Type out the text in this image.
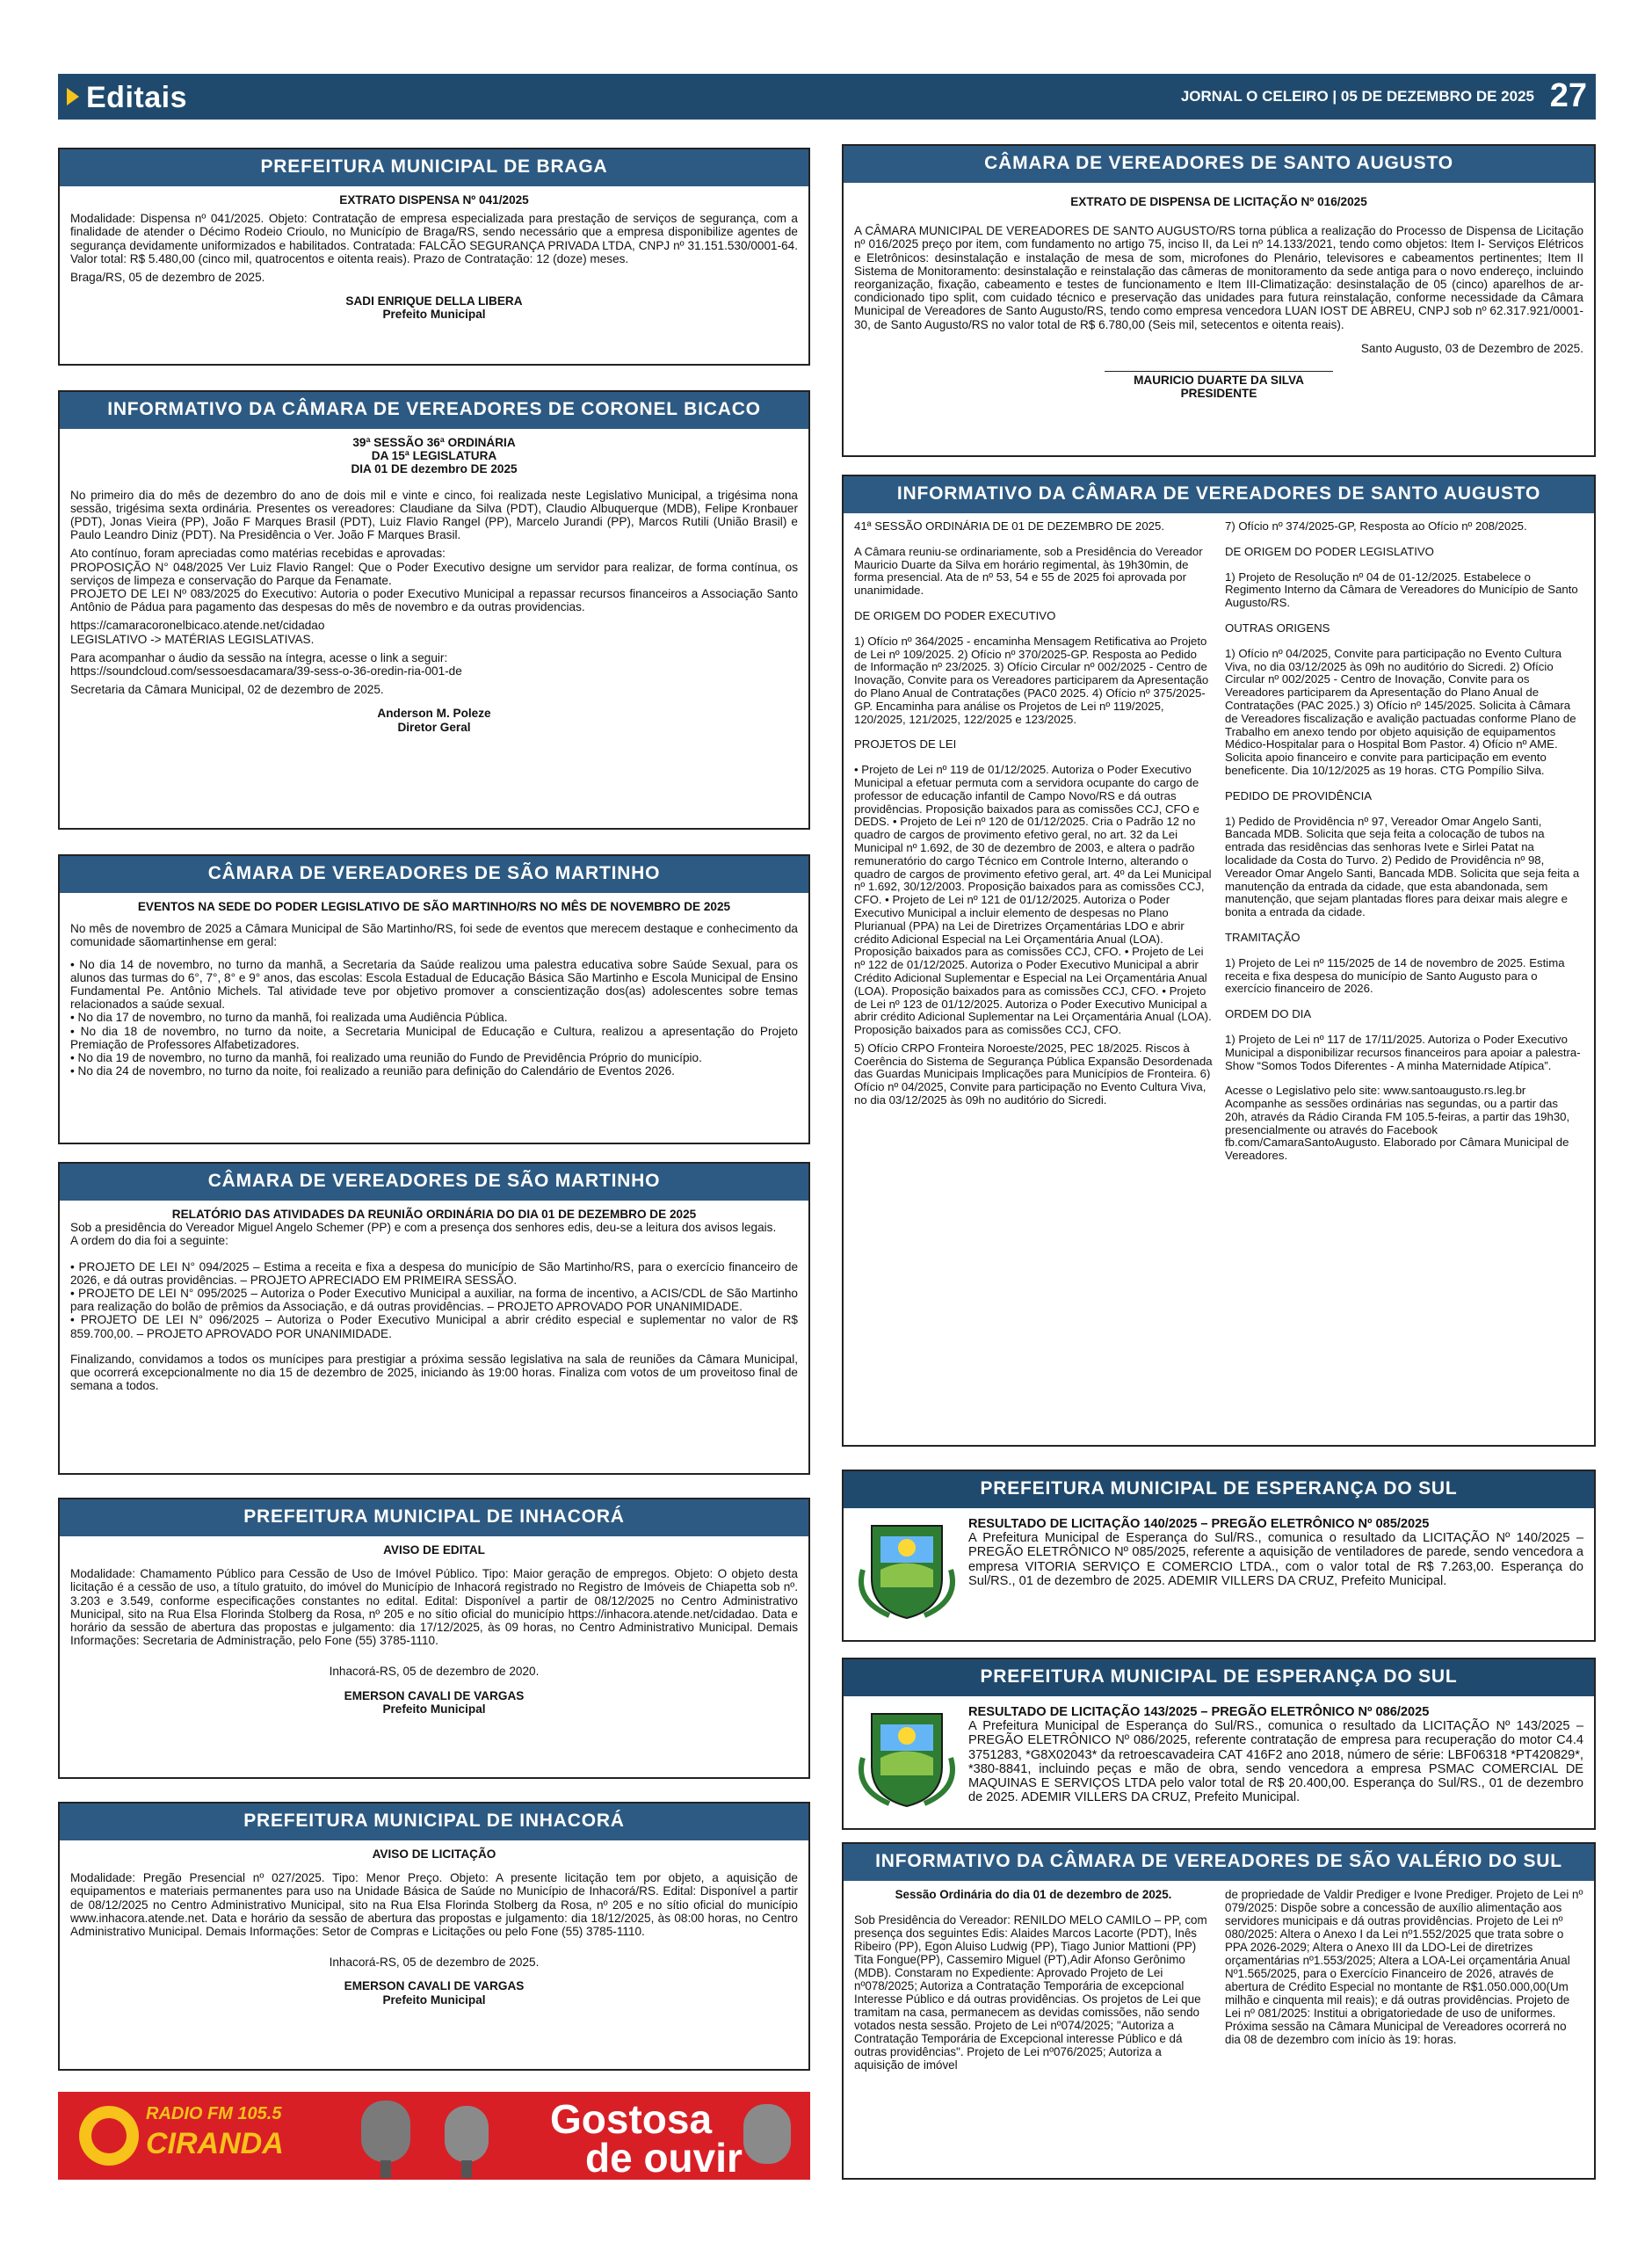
Editais	JORNAL O CELEIRO | 05 DE DEZEMBRO DE 2025 27
PREFEITURA MUNICIPAL DE BRAGA

EXTRATO DISPENSA Nº 041/2025

Modalidade: Dispensa nº 041/2025. Objeto: Contratação de empresa especializada para prestação de serviços de segurança, com a finalidade de atender o Décimo Rodeio Crioulo, no Município de Braga/RS, sendo necessário que a empresa disponibilize agentes de segurança devidamente uniformizados e habilitados. Contratada: FALCÃO SEGURANÇA PRIVADA LTDA, CNPJ nº 31.151.530/0001-64. Valor total: R$ 5.480,00 (cinco mil, quatrocentos e oitenta reais). Prazo de Contratação: 12 (doze) meses.

Braga/RS, 05 de dezembro de 2025.

SADI ENRIQUE DELLA LIBERA
Prefeito Municipal
INFORMATIVO DA CÂMARA DE VEREADORES DE CORONEL BICACO
39ª SESSÃO 36ª ORDINÁRIA
DA 15ª LEGISLATURA

DIA 01 DE dezembro DE 2025

No primeiro dia do mês de dezembro do ano de dois mil e vinte e cinco, foi realizada neste Legislativo Municipal, a trigésima nona sessão, trigésima sexta ordinária. Presentes os vereadores: Claudiane da Silva (PDT), Claudio Albuquerque (MDB), Felipe Kronbauer (PDT), Jonas Vieira (PP), João F Marques Brasil (PDT), Luiz Flavio Rangel (PP), Marcelo Jurandi (PP), Marcos Rutili (União Brasil) e Paulo Leandro Diniz (PDT). Na Presidência o Ver. João F Marques Brasil.

Ato contínuo, foram apreciadas como matérias recebidas e aprovadas:
PROPOSIÇÃO N° 048/2025 Ver Luiz Flavio Rangel: Que o Poder Executivo designe um servidor para realizar, de forma contínua, os serviços de limpeza e conservação do Parque da Fenamate.

PROJETO DE LEI Nº 083/2025 do Executivo: Autoria o poder Executivo Municipal a repassar recursos financeiros a Associação Santo Antônio de Pádua para pagamento das despesas do mês de novembro e da outras providencias.

https://camaracoronelbicaco.atende.net/cidadao

LEGISLATIVO -> MATÉRIAS LEGISLATIVAS.

Para acompanhar o áudio da sessão na íntegra, acesse o link a seguir:

https://soundcloud.com/sessoesdacamara/39-sess-o-36-oredin-ria-001-de

Secretaria da Câmara Municipal, 02 de dezembro de 2025.

Anderson M. Poleze
Diretor Geral
CÂMARA DE VEREADORES DE SÃO MARTINHO

EVENTOS NA SEDE DO PODER LEGISLATIVO DE SÃO MARTINHO/RS NO MÊS DE NOVEMBRO DE 2025

No mês de novembro de 2025 a Câmara Municipal de São Martinho/RS, foi sede de eventos que merecem destaque e conhecimento da comunidade sãomartinhense em geral:

• No dia 14 de novembro, no turno da manhã, a Secretaria da Saúde realizou uma palestra educativa sobre Saúde Sexual, para os alunos das turmas do 6°, 7°, 8° e 9° anos, das escolas: Escola Estadual de Educação Básica São Martinho e Escola Municipal de Ensino Fundamental Pe. Antônio Michels. Tal atividade teve por objetivo promover a conscientização dos(as) adolescentes sobre temas relacionados a saúde sexual.
• No dia 17 de novembro, no turno da manhã, foi realizada uma Audiência Pública.
• No dia 18 de novembro, no turno da noite, a Secretaria Municipal de Educação e Cultura, realizou a apresentação do Projeto Premiação de Professores Alfabetizadores.
• No dia 19 de novembro, no turno da manhã, foi realizado uma reunião do Fundo de Previdência Próprio do município.
• No dia 24 de novembro, no turno da noite, foi realizado a reunião para definição do Calendário de Eventos 2026.
CÂMARA DE VEREADORES DE SÃO MARTINHO
RELATÓRIO DAS ATIVIDADES DA REUNIÃO ORDINÁRIA DO DIA 01 DE DEZEMBRO DE 2025
Sob a presidência do Vereador Miguel Angelo Schemer (PP) e com a presença dos senhores edis, deu-se a leitura dos avisos legais.

A ordem do dia foi a seguinte:

• PROJETO DE LEI N° 094/2025 – Estima a receita e fixa a despesa do município de São Martinho/RS, para o exercício financeiro de 2026, e dá outras providências. – PROJETO APRECIADO EM PRIMEIRA SESSÃO.
• PROJETO DE LEI N° 095/2025 – Autoriza o Poder Executivo Municipal a auxiliar, na forma de incentivo, a ACIS/CDL de São Martinho para realização do bolão de prêmios da Associação, e dá outras providências. – PROJETO APROVADO POR UNANIMIDADE.

• PROJETO DE LEI N° 096/2025 – Autoriza o Poder Executivo Municipal a abrir crédito especial e suplementar no valor de R$ 859.700,00. – PROJETO APROVADO POR UNANIMIDADE.

Finalizando, convidamos a todos os munícipes para prestigiar a próxima sessão legislativa na sala de reuniões da Câmara Municipal, que ocorrerá excepcionalmente no dia 15 de dezembro de 2025, iniciando às 19:00 horas. Finaliza com votos de um proveitoso final de semana a todos.

PREFEITURA MUNICIPAL DE INHACORÁ

AVISO DE EDITAL

Modalidade: Chamamento Público para Cessão de Uso de Imóvel Público. Tipo: Maior geração de empregos. Objeto: O objeto desta licitação é a cessão de uso, a título gratuito, do imóvel do Município de Inhacorá registrado no Registro de Imóveis de Chiapetta sob nº. 3.203 e 3.549, conforme especificações constantes no edital. Edital: Disponível a partir de 08/12/2025 no Centro Administrativo Municipal, sito na Rua Elsa Florinda Stolberg da Rosa, nº 205 e no sítio oficial do município https://inhacora.atende.net/cidadao. Data e horário da sessão de abertura das propostas e julgamento: dia 17/12/2025, às 09 horas, no Centro Administrativo Municipal. Demais Informações: Secretaria de Administração, pelo Fone (55) 3785-1110.

Inhacorá-RS, 05 de dezembro de 2020.

EMERSON CAVALI DE VARGAS
Prefeito Municipal
PREFEITURA MUNICIPAL DE INHACORÁ

AVISO DE LICITAÇÃO

Modalidade: Pregão Presencial nº 027/2025. Tipo: Menor Preço. Objeto: A presente licitação tem por objeto, a aquisição de equipamentos e materiais permanentes para uso na Unidade Básica de Saúde no Município de Inhacorá/RS. Edital: Disponível a partir de 08/12/2025 no Centro Administrativo Municipal, sito na Rua Elsa Florinda Stolberg da Rosa, nº 205 e no sítio oficial do município www.inhacora.atende.net. Data e horário da sessão de abertura das propostas e julgamento: dia 18/12/2025, às 08:00 horas, no Centro Administrativo Municipal. Demais Informações: Setor de Compras e Licitações ou pelo Fone (55) 3785-1110.

Inhacorá-RS, 05 de dezembro de 2025.

EMERSON CAVALI DE VARGAS
Prefeito Municipal
RADIO FM 105.5
CIRANDA
Gostosa
de ouvir
CÂMARA DE VEREADORES DE SANTO AUGUSTO

EXTRATO DE DISPENSA DE LICITAÇÃO Nº 016/2025

A CÂMARA MUNICIPAL DE VEREADORES DE SANTO AUGUSTO/RS torna pública a realização do Processo de Dispensa de Licitação nº 016/2025 preço por item, com fundamento no artigo 75, inciso II, da Lei nº 14.133/2021, tendo como objetos: Item I- Serviços Elétricos e Eletrônicos: desinstalação e instalação de mesa de som, microfones do Plenário, televisores e cabeamentos pertinentes; Item II Sistema de Monitoramento: desinstalação e reinstalação das câmeras de monitoramento da sede antiga para o novo endereço, incluindo reorganização, fixação, cabeamento e testes de funcionamento e Item III-Climatização: desinstalação de 05 (cinco) aparelhos de ar-condicionado tipo split, com cuidado técnico e preservação das unidades para futura reinstalação, conforme necessidade da Câmara Municipal de Vereadores de Santo Augusto/RS, tendo como empresa vencedora LUAN IOST DE ABREU, CNPJ sob nº 62.317.921/0001-30, de Santo Augusto/RS no valor total de R$ 6.780,00 (Seis mil, setecentos e oitenta reais).

Santo Augusto, 03 de Dezembro de 2025.

MAURICIO DUARTE DA SILVA
PRESIDENTE
INFORMATIVO DA CÂMARA DE VEREADORES DE SANTO AUGUSTO

41ª SESSÃO ORDINÁRIA DE 01 DE DEZEMBRO DE 2025.

A Câmara reuniu-se ordinariamente, sob a Presidência do Vereador Mauricio Duarte da Silva em horário regimental, às 19h30min, de forma presencial. Ata de nº 53, 54 e 55 de 2025 foi aprovada por unanimidade.

DE ORIGEM DO PODER EXECUTIVO

1) Ofício nº 364/2025 - encaminha Mensagem Retificativa ao Projeto de Lei nº 109/2025. 2) Ofício nº 370/2025-GP. Resposta ao Pedido de Informação nº 23/2025. 3) Ofício Circular nº 002/2025 - Centro de Inovação, Convite para os Vereadores participarem da Apresentação do Plano Anual de Contratações (PAC0 2025. 4) Ofício nº 375/2025-GP. Encaminha para análise os Projetos de Lei nº 119/2025, 120/2025, 121/2025, 122/2025 e 123/2025.

PROJETOS DE LEI

• Projeto de Lei nº 119 de 01/12/2025. Autoriza o Poder Executivo Municipal a efetuar permuta com a servidora ocupante do cargo de professor de educação infantil de Campo Novo/RS e dá outras providências. Proposição baixados para as comissões CCJ, CFO e DEDS. • Projeto de Lei nº 120 de 01/12/2025. Cria o Padrão 12 no quadro de cargos de provimento efetivo geral, no art. 32 da Lei Municipal nº 1.692, de 30 de dezembro de 2003, e altera o padrão remuneratório do cargo Técnico em Controle Interno, alterando o quadro de cargos de provimento efetivo geral, art. 4º da Lei Municipal nº 1.692, 30/12/2003. Proposição baixados para as comissões CCJ, CFO. • Projeto de Lei nº 121 de 01/12/2025. Autoriza o Poder Executivo Municipal a incluir elemento de despesas no Plano Plurianual (PPA) na Lei de Diretrizes Orçamentárias LDO e abrir crédito Adicional Especial na Lei Orçamentária Anual (LOA). Proposição baixados para as comissões CCJ, CFO. • Projeto de Lei nº 122 de 01/12/2025. Autoriza o Poder Executivo Municipal a abrir Crédito Adicional Suplementar e Especial na Lei Orçamentária Anual (LOA). Proposição baixados para as comissões CCJ, CFO. • Projeto de Lei nº 123 de 01/12/2025. Autoriza o Poder Executivo Municipal a abrir crédito Adicional Suplementar na Lei Orçamentária Anual (LOA). Proposição baixados para as comissões CCJ, CFO.

5) Ofício CRPO Fronteira Noroeste/2025, PEC 18/2025. Riscos à Coerência do Sistema de Segurança Pública Expansão Desordenada das Guardas Municipais Implicações para Municípios de Fronteira. 6) Ofício nº 04/2025, Convite para participação no Evento Cultura Viva, no dia 03/12/2025 às 09h no auditório do Sicredi.

7) Ofício nº 374/2025-GP, Resposta ao Ofício nº 208/2025.

DE ORIGEM DO PODER LEGISLATIVO

1) Projeto de Resolução nº 04 de 01-12/2025. Estabelece o Regimento Interno da Câmara de Vereadores do Município de Santo Augusto/RS.

OUTRAS ORIGENS

1) Ofício nº 04/2025, Convite para participação no Evento Cultura Viva, no dia 03/12/2025 às 09h no auditório do Sicredi. 2) Ofício Circular nº 002/2025 - Centro de Inovação, Convite para os Vereadores participarem da Apresentação do Plano Anual de Contratações (PAC 2025.) 3) Ofício nº 145/2025. Solicita à Câmara de Vereadores fiscalização e avalição pactuadas conforme Plano de Trabalho em anexo tendo por objeto aquisição de equipamentos Médico-Hospitalar para o Hospital Bom Pastor. 4) Ofício nº AME. Solicita apoio financeiro e convite para participação em evento beneficente. Dia 10/12/2025 as 19 horas. CTG Pompílio Silva.

PEDIDO DE PROVIDÊNCIA

1) Pedido de Providência nº 97, Vereador Omar Angelo Santi, Bancada MDB. Solicita que seja feita a colocação de tubos na entrada das residências das senhoras Ivete e Sirlei Patat na localidade da Costa do Turvo. 2) Pedido de Providência nº 98, Vereador Omar Angelo Santi, Bancada MDB. Solicita que seja feita a manutenção da entrada da cidade, que esta abandonada, sem manutenção, que sejam plantadas flores para deixar mais alegre e bonita a entrada da cidade.

TRAMITAÇÃO

1) Projeto de Lei nº 115/2025 de 14 de novembro de 2025. Estima receita e fixa despesa do município de Santo Augusto para o exercício financeiro de 2026.

ORDEM DO DIA

1) Projeto de Lei nº 117 de 17/11/2025. Autoriza o Poder Executivo Municipal a disponibilizar recursos financeiros para apoiar a palestra-Show “Somos Todos Diferentes - A minha Maternidade Atípica”.

Acesse o Legislativo pelo site: www.santoaugusto.rs.leg.br Acompanhe as sessões ordinárias nas segundas, ou a partir das 20h, através da Rádio Ciranda FM 105.5-feiras, a partir das 19h30, presencialmente ou através do Facebook fb.com/CamaraSantoAugusto. Elaborado por Câmara Municipal de Vereadores.

PREFEITURA MUNICIPAL DE ESPERANÇA DO SUL
RESULTADO DE LICITAÇÃO 140/2025 – PREGÃO ELETRÔNICO Nº 085/2025
A Prefeitura Municipal de Esperança do Sul/RS., comunica o resultado da LICITAÇÃO Nº 140/2025 – PREGÃO ELETRÔNICO Nº 085/2025, referente a aquisição de ventiladores de parede, sendo vencedora a empresa VITORIA SERVIÇO E COMERCIO LTDA., com o valor total de R$ 7.263,00. Esperança do Sul/RS., 01 de dezembro de 2025. ADEMIR VILLERS DA CRUZ, Prefeito Municipal.
PREFEITURA MUNICIPAL DE ESPERANÇA DO SUL
RESULTADO DE LICITAÇÃO 143/2025 – PREGÃO ELETRÔNICO Nº 086/2025
A Prefeitura Municipal de Esperança do Sul/RS., comunica o resultado da LICITAÇÃO Nº 143/2025 – PREGÃO ELETRÔNICO Nº 086/2025, referente contratação de empresa para recuperação do motor C4.4 3751283, *G8X02043* da retroescavadeira CAT 416F2 ano 2018, número de série: LBF06318 *PT420829*, *380-8841, incluindo peças e mão de obra, sendo vencedora a empresa PSMAC COMERCIAL DE MAQUINAS E SERVIÇOS LTDA pelo valor total de R$ 20.400,00. Esperança do Sul/RS., 01 de dezembro de 2025. ADEMIR VILLERS DA CRUZ, Prefeito Municipal.
INFORMATIVO DA CÂMARA DE VEREADORES DE SÃO VALÉRIO DO SUL

Sessão Ordinária do dia 01 de dezembro de 2025.

Sob Presidência do Vereador: RENILDO MELO CAMILO – PP, com presença dos seguintes Edis: Alaides Marcos Lacorte (PDT), Inês Ribeiro (PP), Egon Aluiso Ludwig (PP), Tiago Junior Mattioni (PP) Tita Fongue(PP), Cassemiro Miguel (PT),Adir Afonso Gerônimo (MDB). Constaram no Expediente: Aprovado Projeto de Lei nº078/2025; Autoriza a Contratação Temporária de excepcional Interesse Público e dá outras providências. Os projetos de Lei que tramitam na casa, permanecem as devidas comissões, não sendo votados nesta sessão. Projeto de Lei nº074/2025; "Autoriza a Contratação Temporária de Excepcional interesse Público e dá outras providências". Projeto de Lei nº076/2025; Autoriza a aquisição de imóvel

de propriedade de Valdir Prediger e Ivone Prediger. Projeto de Lei nº 079/2025: Dispõe sobre a concessão de auxílio alimentação aos servidores municipais e dá outras providências. Projeto de Lei nº 080/2025: Altera o Anexo I da Lei nº1.552/2025 que trata sobre o PPA 2026-2029; Altera o Anexo III da LDO-Lei de diretrizes orçamentárias nº1.553/2025; Altera a LOA-Lei orçamentária Anual Nº1.565/2025, para o Exercício Financeiro de 2026, através de abertura de Crédito Especial no montante de R$1.050.000,00(Um milhão e cinquenta mil reais); e dá outras providências. Projeto de Lei nº 081/2025: Institui a obrigatoriedade de uso de uniformes. Próxima sessão na Câmara Municipal de Vereadores ocorrerá no dia 08 de dezembro com início às 19: horas.
